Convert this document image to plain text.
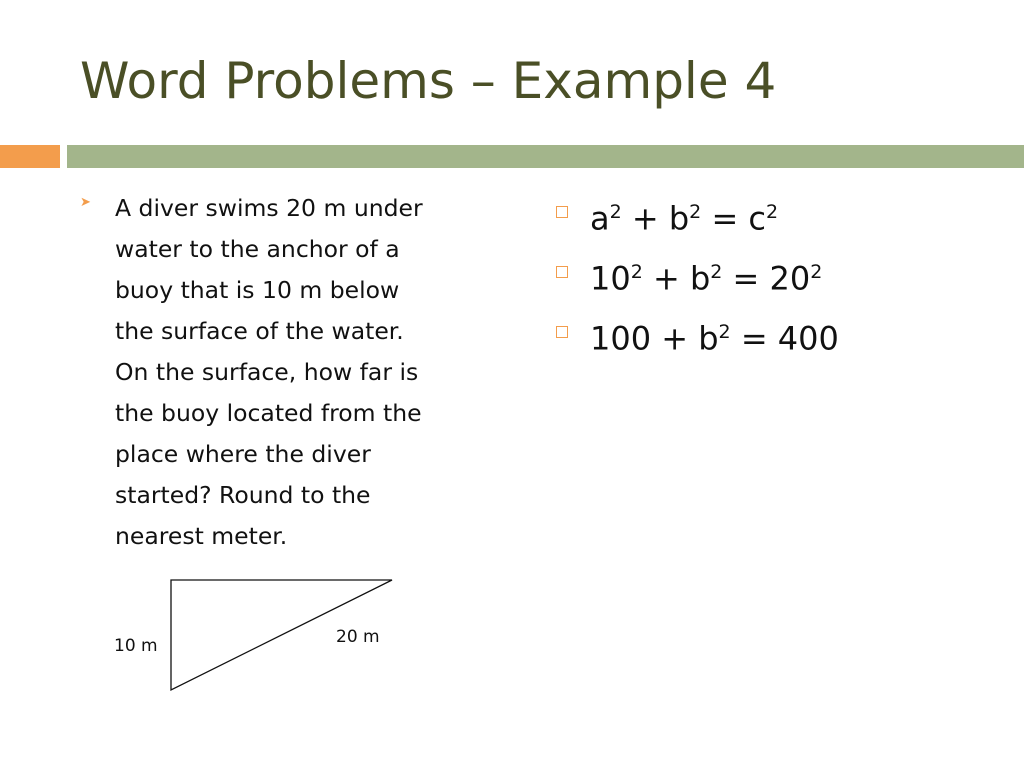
Word Problems – Example 4
➤ A diver swims 20 m under
water to the anchor of a
buoy that is 10 m below
the surface of the water.
On the surface, how far is
the buoy located from the
place where the diver
started? Round to the
nearest meter.
$a^2 + b^2 = c^2$
$10^2 + b^2 = 20^2$
$100 + b^2 = 400$
10 m	20 m
